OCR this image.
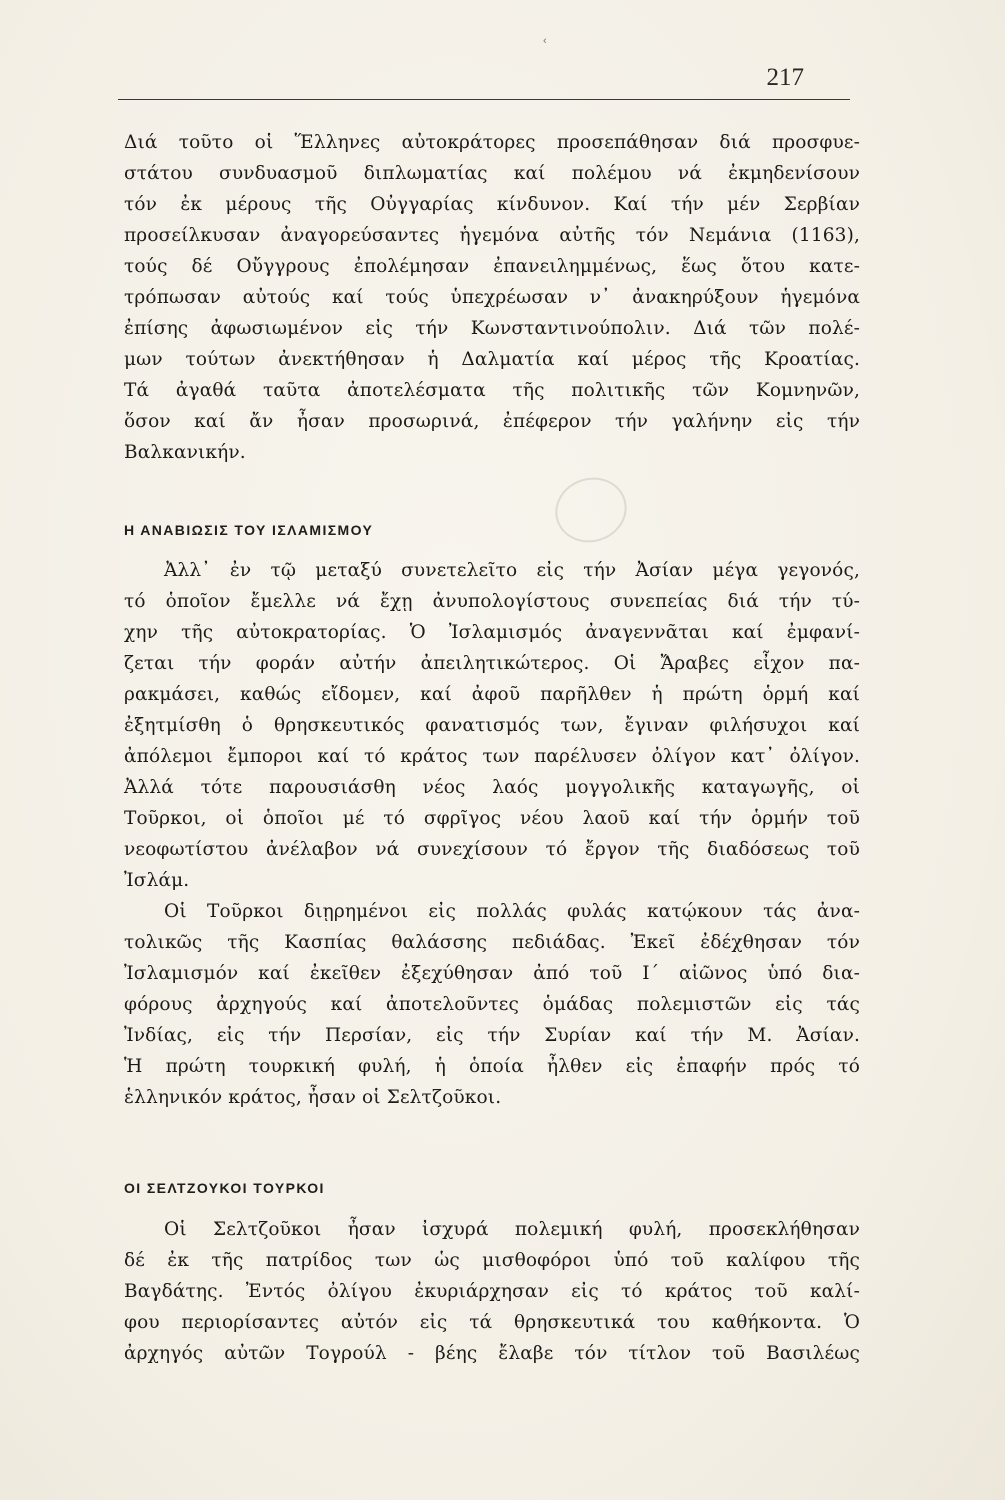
‹
217
Διά τοῦτο οἱ Ἕλληνες αὐτοκράτορες προσεπάθησαν διά προσφυε-
στάτου συνδυασμοῦ διπλωματίας καί πολέμου νά ἐκμηδενίσουν
τόν ἐκ μέρους τῆς Οὐγγαρίας κίνδυνον. Καί τήν μέν Σερβίαν
προσείλκυσαν ἀναγορεύσαντες ἡγεμόνα αὐτῆς τόν Νεμάνια (1163),
τούς δέ Οὔγγρους ἐπολέμησαν ἐπανειλημμένως, ἕως ὅτου κατε-
τρόπωσαν αὐτούς καί τούς ὑπεχρέωσαν ν᾽ ἀνακηρύξουν ἡγεμόνα
ἐπίσης ἀφωσιωμένον εἰς τήν Κωνσταντινούπολιν. Διά τῶν πολέ-
μων τούτων ἀνεκτήθησαν ἡ Δαλματία καί μέρος τῆς Κροατίας.
Τά ἀγαθά ταῦτα ἀποτελέσματα τῆς πολιτικῆς τῶν Κομνηνῶν,
ὅσον καί ἄν ἦσαν προσωρινά, ἐπέφερον τήν γαλήνην εἰς τήν
Βαλκανικήν.
Η ΑΝΑΒΙΩΣΙΣ ΤΟΥ ΙΣΛΑΜΙΣΜΟΥ
Ἀλλ᾽ ἐν τῷ μεταξύ συνετελεῖτο εἰς τήν Ἀσίαν μέγα γεγονός,
τό ὁποῖον ἔμελλε νά ἔχῃ ἀνυπολογίστους συνεπείας διά τήν τύ-
χην τῆς αὐτοκρατορίας. Ὁ Ἰσλαμισμός ἀναγεννᾶται καί ἐμφανί-
ζεται τήν φοράν αὐτήν ἀπειλητικώτερος. Οἱ Ἄραβες εἶχον πα-
ρακμάσει, καθώς εἴδομεν, καί ἀφοῦ παρῆλθεν ἡ πρώτη ὁρμή καί
ἐξητμίσθη ὁ θρησκευτικός φανατισμός των, ἔγιναν φιλήσυχοι καί
ἀπόλεμοι ἔμποροι καί τό κράτος των παρέλυσεν ὀλίγον κατ᾽ ὀλίγον.
Ἀλλά τότε παρουσιάσθη νέος λαός μογγολικῆς καταγωγῆς, οἱ
Τοῦρκοι, οἱ ὁποῖοι μέ τό σφρῖγος νέου λαοῦ καί τήν ὁρμήν τοῦ
νεοφωτίστου ἀνέλαβον νά συνεχίσουν τό ἔργον τῆς διαδόσεως τοῦ
Ἰσλάμ.
Οἱ Τοῦρκοι διῃρημένοι εἰς πολλάς φυλάς κατῴκουν τάς ἀνα-
τολικῶς τῆς Κασπίας θαλάσσης πεδιάδας. Ἐκεῖ ἐδέχθησαν τόν
Ἰσλαμισμόν καί ἐκεῖθεν ἐξεχύθησαν ἀπό τοῦ Ι´ αἰῶνος ὑπό δια-
φόρους ἀρχηγούς καί ἀποτελοῦντες ὁμάδας πολεμιστῶν εἰς τάς
Ἰνδίας, εἰς τήν Περσίαν, εἰς τήν Συρίαν καί τήν Μ. Ἀσίαν.
Ἡ πρώτη τουρκική φυλή, ἡ ὁποία ἦλθεν εἰς ἐπαφήν πρός τό
ἑλληνικόν κράτος, ἦσαν οἱ Σελτζοῦκοι.
ΟΙ ΣΕΛΤΖΟΥΚΟΙ ΤΟΥΡΚΟΙ
Οἱ Σελτζοῦκοι ἦσαν ἰσχυρά πολεμική φυλή, προσεκλήθησαν
δέ ἐκ τῆς πατρίδος των ὡς μισθοφόροι ὑπό τοῦ καλίφου τῆς
Βαγδάτης. Ἐντός ὀλίγου ἐκυριάρχησαν εἰς τό κράτος τοῦ καλί-
φου περιορίσαντες αὐτόν εἰς τά θρησκευτικά του καθήκοντα. Ὁ
ἀρχηγός αὐτῶν Τογρούλ - βέης ἔλαβε τόν τίτλον τοῦ Βασιλέως
